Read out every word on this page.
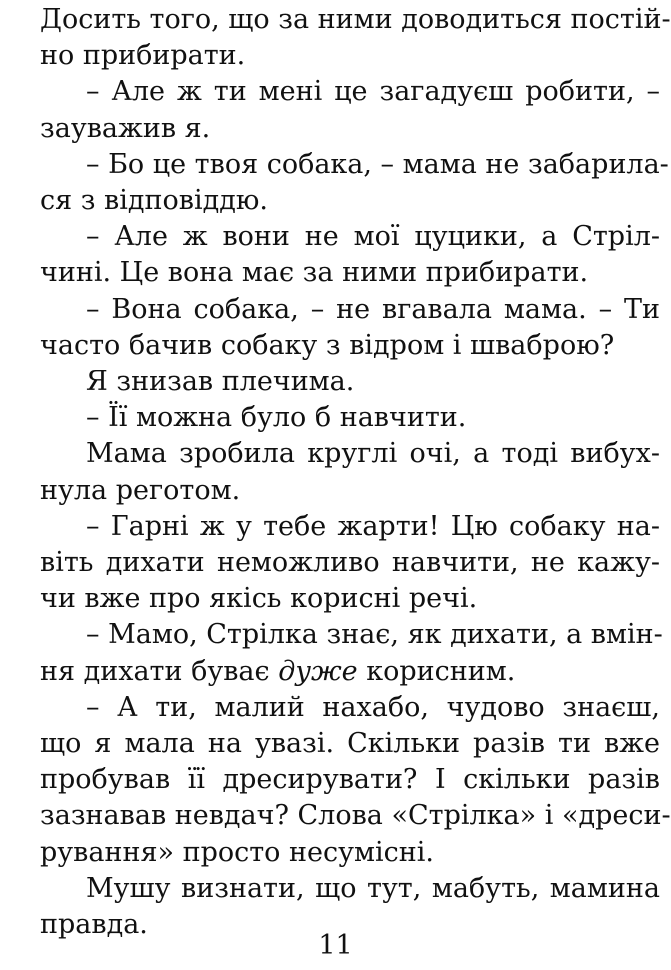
Досить того, що за ними доводиться постій-
но прибирати.
– Але ж ти мені це загадуєш робити, –
зауважив я.
– Бо це твоя собака, – мама не забарила-
ся з відповіддю.
– Але ж вони не мої цуцики, а Стріл-
чині. Це вона має за ними прибирати.
– Вона собака, – не вгавала мама. – Ти
часто бачив собаку з відром і шваброю?
Я знизав плечима.
– Її можна було б навчити.
Мама зробила круглі очі, а тоді вибух-
нула реготом.
– Гарні ж у тебе жарти! Цю собаку на-
віть дихати неможливо навчити, не кажу-
чи вже про якісь корисні речі.
– Мамо, Стрілка знає, як дихати, а вмін-
ня дихати буває дуже корисним.
– А ти, малий нахабо, чудово знаєш,
що я мала на увазі. Скільки разів ти вже
пробував її дресирувати? І скільки разів
зазнавав невдач? Слова «Стрілка» і «дреси-
рування» просто несумісні.
Мушу визнати, що тут, мабуть, мамина
правда.
11
